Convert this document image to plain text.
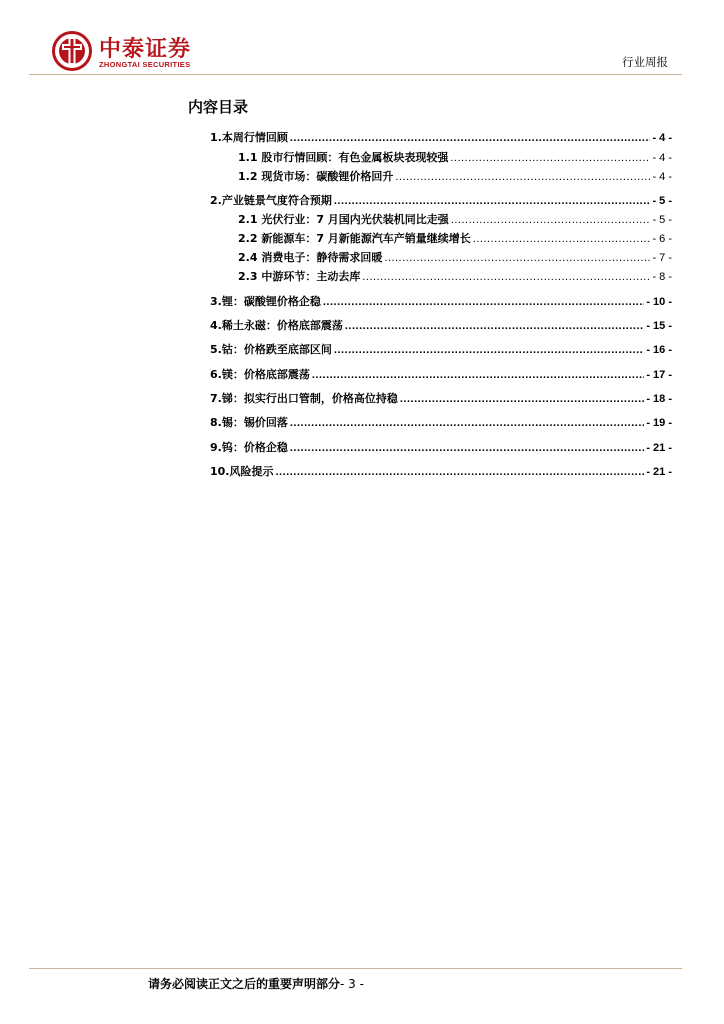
中泰证券
ZHONGTAI SECURITIES	行业周报
内容目录
1.本周行情回顾 .....	- 4 -
1.1 股市行情回顾：有色金属板块表现较强 .....	- 4 -
1.2 现货市场：碳酸锂价格回升 .....	- 4 -
2.产业链景气度符合预期 .....	- 5 -
2.1 光伏行业：7 月国内光伏装机同比走强 .....	- 5 -
2.2 新能源车：7 月新能源汽车产销量继续增长 .....	- 6 -
2.4 消费电子：静待需求回暖 .....	- 7 -
2.3 中游环节：主动去库 .....	- 8 -
3.锂：碳酸锂价格企稳 .....	- 10 -
4.稀土永磁：价格底部震荡 .....	- 15 -
5.钴：价格跌至底部区间 .....	- 16 -
6.镁：价格底部震荡 .....	- 17 -
7.锑：拟实行出口管制，价格高位持稳 .....	- 18 -
8.锡：锡价回落 .....	- 19 -
9.钨：价格企稳 .....	- 21 -
10.风险提示 .....	- 21 -
请务必阅读正文之后的重要声明部分- 3 -
